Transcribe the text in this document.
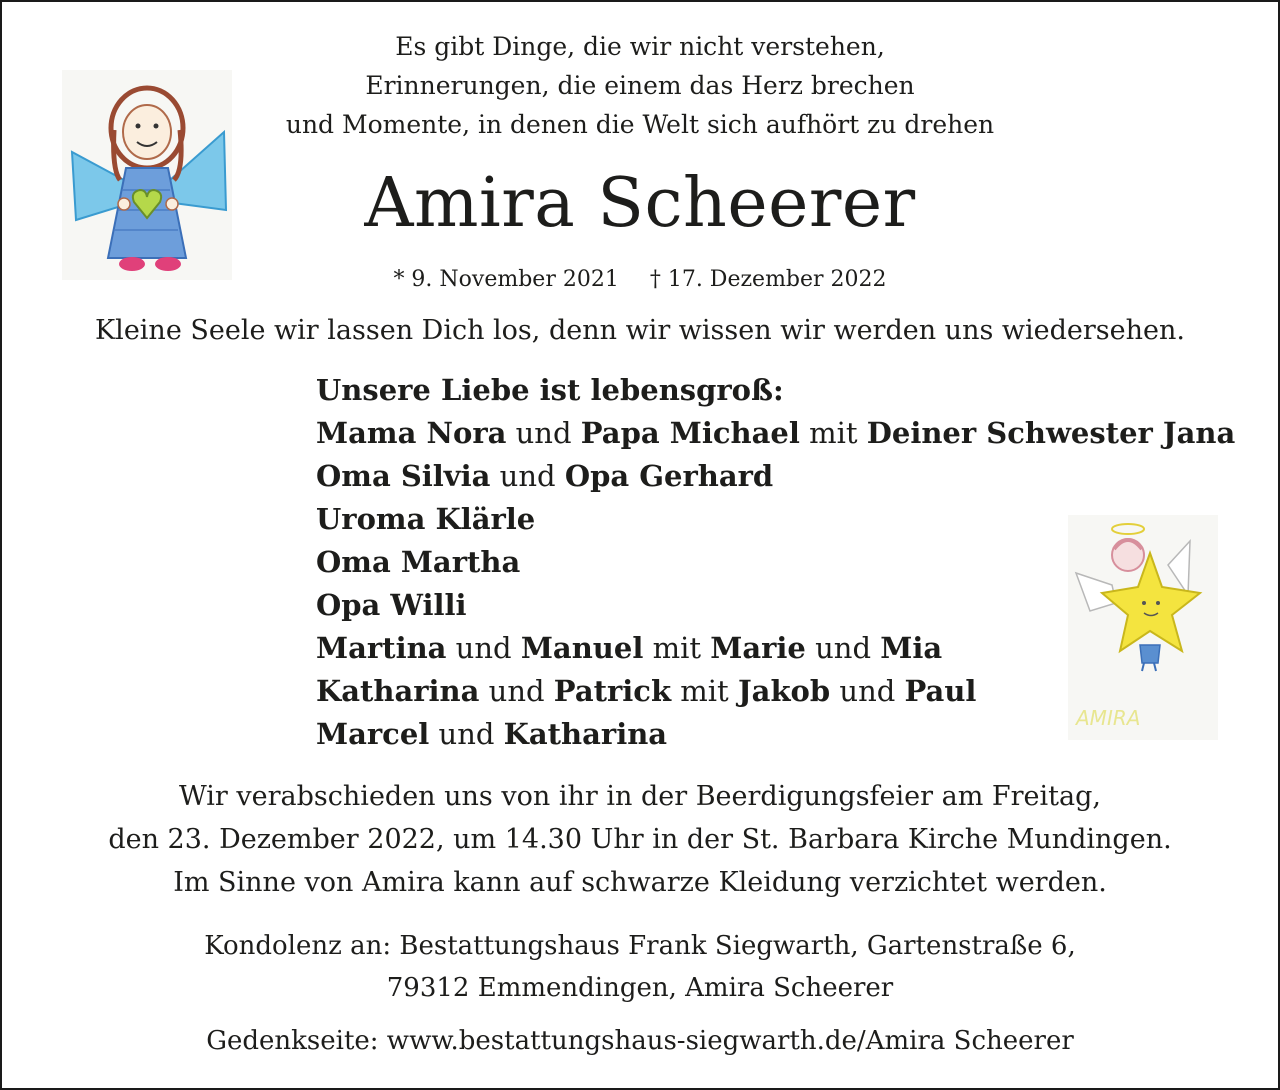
Es gibt Dinge, die wir nicht verstehen,
Erinnerungen, die einem das Herz brechen
und Momente, in denen die Welt sich aufhört zu drehen
Amira Scheerer
* 9. November 2021 † 17. Dezember 2022
Kleine Seele wir lassen Dich los, denn wir wissen wir werden uns wiedersehen.
Unsere Liebe ist lebensgroß:
Mama Nora und Papa Michael mit Deiner Schwester Jana
Oma Silvia und Opa Gerhard
Uroma Klärle
Oma Martha
Opa Willi
Martina und Manuel mit Marie und Mia
Katharina und Patrick mit Jakob und Paul
Marcel und Katharina	AMIRA
Wir verabschieden uns von ihr in der Beerdigungsfeier am Freitag,
den 23. Dezember 2022, um 14.30 Uhr in der St. Barbara Kirche Mundingen.
Im Sinne von Amira kann auf schwarze Kleidung verzichtet werden.
Kondolenz an: Bestattungshaus Frank Siegwarth, Gartenstraße 6,
79312 Emmendingen, Amira Scheerer
Gedenkseite: www.bestattungshaus-siegwarth.de/Amira Scheerer
